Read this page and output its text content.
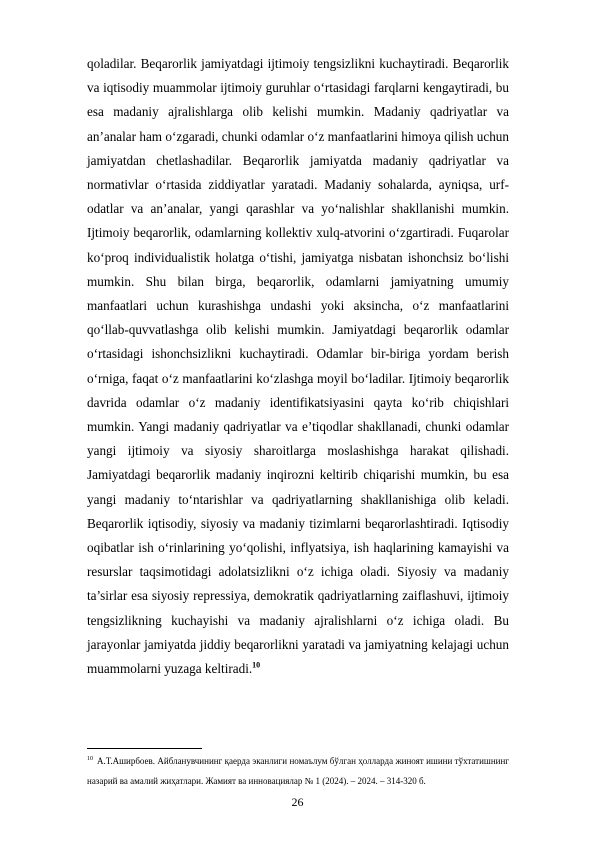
qoladilar. Beqarorlik jamiyatdagi ijtimoiy tengsizlikni kuchaytiradi. Beqarorlik va iqtisodiy muammolar ijtimoiy guruhlar o‘rtasidagi farqlarni kengaytiradi, bu esa madaniy ajralishlarga olib kelishi mumkin. Madaniy qadriyatlar va an’analar ham o‘zgaradi, chunki odamlar o‘z manfaatlarini himoya qilish uchun jamiyatdan chetlashadilar. Beqarorlik jamiyatda madaniy qadriyatlar va normativlar o‘rtasida ziddiyatlar yaratadi. Madaniy sohalarda, ayniqsa, urf-odatlar va an’analar, yangi qarashlar va yo‘nalishlar shakllanishi mumkin. Ijtimoiy beqarorlik, odamlarning kollektiv xulq-atvorini o‘zgartiradi. Fuqarolar ko‘proq individualistik holatga o‘tishi, jamiyatga nisbatan ishonchsiz bo‘lishi mumkin. Shu bilan birga, beqarorlik, odamlarni jamiyatning umumiy manfaatlari uchun kurashishga undashi yoki aksincha, o‘z manfaatlarini qo‘llab-quvvatlashga olib kelishi mumkin. Jamiyatdagi beqarorlik odamlar o‘rtasidagi ishonchsizlikni kuchaytiradi. Odamlar bir-biriga yordam berish o‘rniga, faqat o‘z manfaatlarini ko‘zlashga moyil bo‘ladilar. Ijtimoiy beqarorlik davrida odamlar o‘z madaniy identifikatsiyasini qayta ko‘rib chiqishlari mumkin. Yangi madaniy qadriyatlar va e’tiqodlar shakllanadi, chunki odamlar yangi ijtimoiy va siyosiy sharoitlarga moslashishga harakat qilishadi. Jamiyatdagi beqarorlik madaniy inqirozni keltirib chiqarishi mumkin, bu esa yangi madaniy to‘ntarishlar va qadriyatlarning shakllanishiga olib keladi. Beqarorlik iqtisodiy, siyosiy va madaniy tizimlarni beqarorlashtiradi. Iqtisodiy oqibatlar ish o‘rinlarining yo‘qolishi, inflyatsiya, ish haqlarining kamayishi va resurslar taqsimotidagi adolatsizlikni o‘z ichiga oladi. Siyosiy va madaniy ta’sirlar esa siyosiy repressiya, demokratik qadriyatlarning zaiflashuvi, ijtimoiy tengsizlikning kuchayishi va madaniy ajralishlarni o‘z ichiga oladi. Bu jarayonlar jamiyatda jiddiy beqarorlikni yaratadi va jamiyatning kelajagi uchun muammolarni yuzaga keltiradi.$^{10}$

$^{10}$ А.Т.Аширбоев. Айбланувчининг қаерда эканлиги номаълум бўлган ҳолларда жиноят ишини тўхтатишнинг назарий ва амалий жиҳатлари. Жамият ва инновациялар № 1 (2024). – 2024. – 314-320 б.

26
